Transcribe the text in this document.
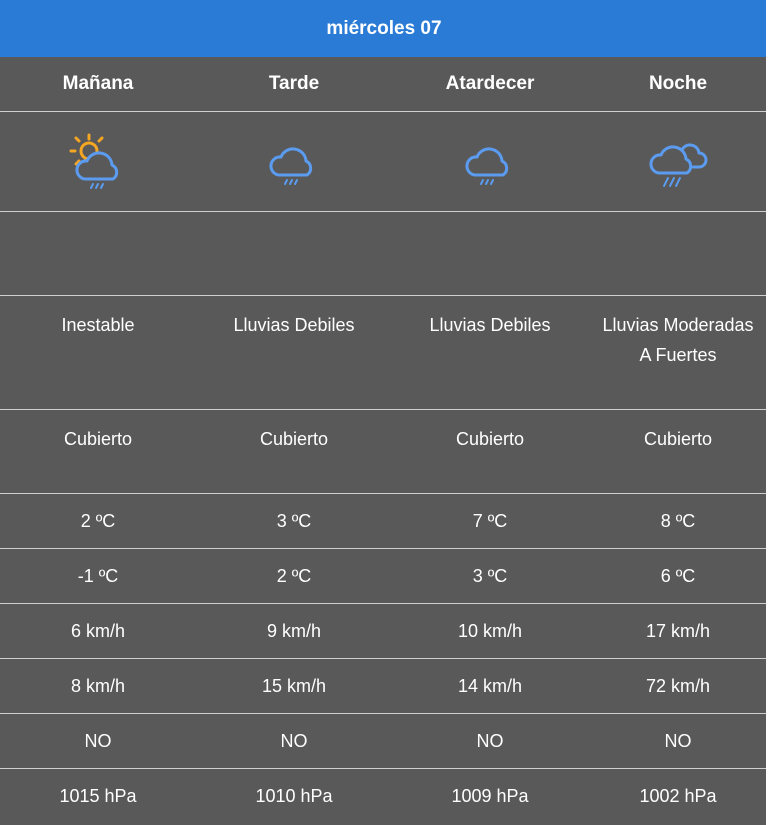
miércoles 07
Mañana	Tarde	Atardecer	Noche
Inestable	Lluvias Debiles	Lluvias Debiles	Lluvias Moderadas A Fuertes
Cubierto	Cubierto	Cubierto	Cubierto
2 ºC	3 ºC	7 ºC	8 ºC
-1 ºC	2 ºC	3 ºC	6 ºC
6 km/h	9 km/h	10 km/h	17 km/h
8 km/h	15 km/h	14 km/h	72 km/h
NO	NO	NO	NO
1015 hPa	1010 hPa	1009 hPa	1002 hPa
